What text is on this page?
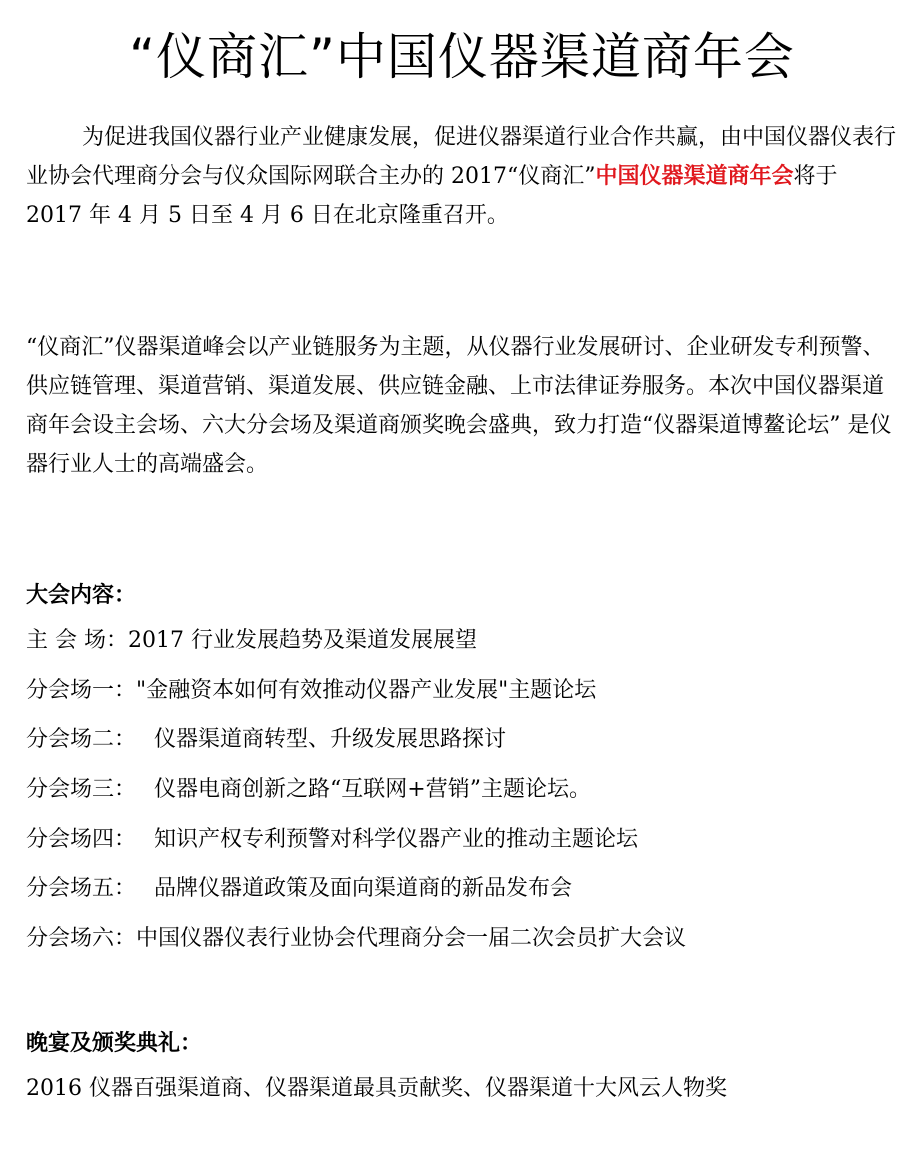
“仪商汇”中国仪器渠道商年会

为促进我国仪器行业产业健康发展，促进仪器渠道行业合作共赢，由中国仪器仪表行业协会代理商分会与仪众国际网联合主办的 2017“仪商汇”中国仪器渠道商年会将于 2017 年 4 月 5 日至 4 月 6 日在北京隆重召开。

“仪商汇”仪器渠道峰会以产业链服务为主题，从仪器行业发展研讨、企业研发专利预警、供应链管理、渠道营销、渠道发展、供应链金融、上市法律证券服务。本次中国仪器渠道商年会设主会场、六大分会场及渠道商颁奖晚会盛典，致力打造“仪器渠道博鳌论坛” 是仪器行业人士的高端盛会。

大会内容：
主 会 场： 2017 行业发展趋势及渠道发展展望
分会场一： "金融资本如何有效推动仪器产业发展"主题论坛
分会场二： 仪器渠道商转型、升级发展思路探讨
分会场三： 仪器电商创新之路“互联网+营销”主题论坛。
分会场四： 知识产权专利预警对科学仪器产业的推动主题论坛
分会场五： 品牌仪器道政策及面向渠道商的新品发布会
分会场六： 中国仪器仪表行业协会代理商分会一届二次会员扩大会议
晚宴及颁奖典礼：
2016 仪器百强渠道商、仪器渠道最具贡献奖、仪器渠道十大风云人物奖
